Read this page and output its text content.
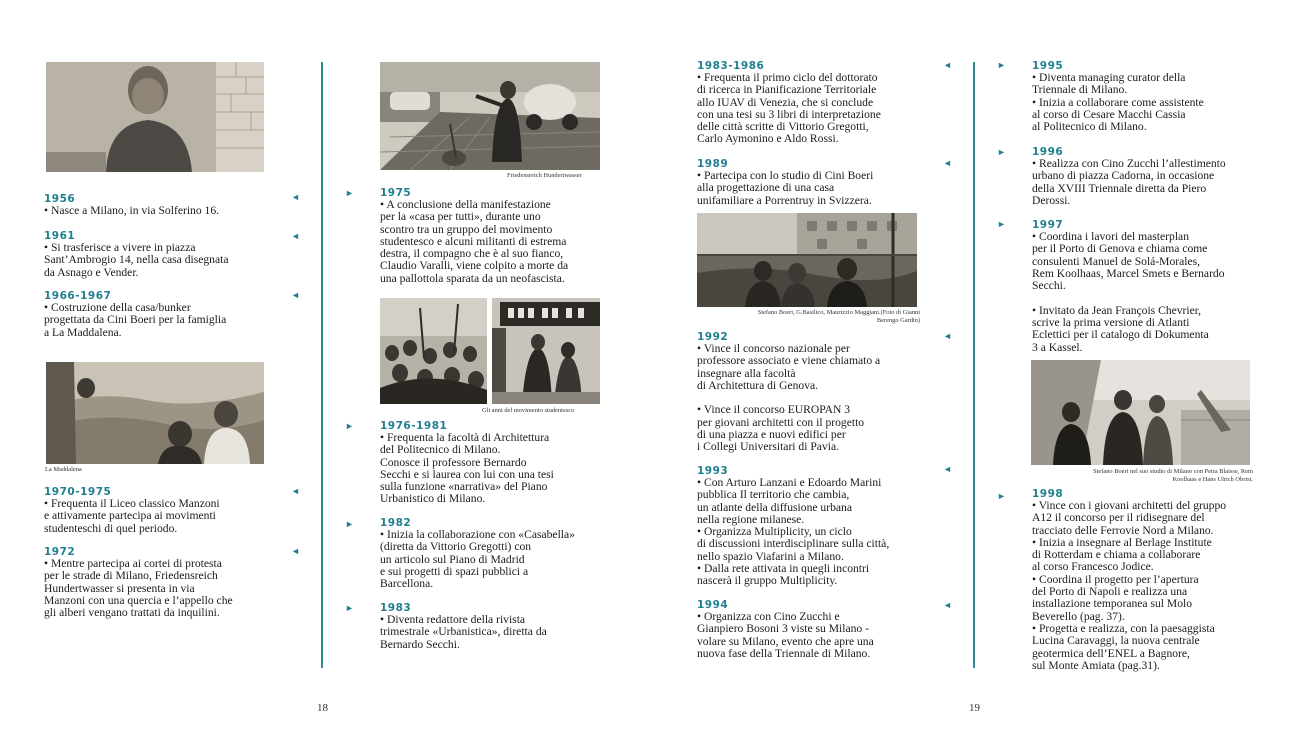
1956
• Nasce a Milano, in via Solferino 16.
◄
1961
• Si trasferisce a vivere in piazza
Sant’Ambrogio 14, nella casa disegnata
da Asnago e Vender.
◄
1966-1967
• Costruzione della casa/bunker
progettata da Cini Boeri per la famiglia
a La Maddalena.
◄
La Maddalena
1970-1975
• Frequenta il Liceo classico Manzoni
e attivamente partecipa ai movimenti
studenteschi di quel periodo.
◄
1972
• Mentre partecipa ai cortei di protesta
per le strade di Milano, Friedensreich
Hundertwasser si presenta in via
Manzoni con una quercia e l’appello che
gli alberi vengano trattati da inquilini.
◄
Friedensreich Hundertwasser
► 1975
• A conclusione della manifestazione
per la «casa per tutti», durante uno
scontro tra un gruppo del movimento
studentesco e alcuni militanti di estrema
destra, il compagno che è al suo fianco,
Claudio Varalli, viene colpito a morte da
una pallottola sparata da un neofascista.
Gli anni del movimento studentesco
► 1976-1981
• Frequenta la facoltà di Architettura
del Politecnico di Milano.
Conosce il professore Bernardo
Secchi e si laurea con lui con una tesi
sulla funzione «narrativa» del Piano
Urbanistico di Milano.
► 1982
• Inizia la collaborazione con «Casabella»
(diretta da Vittorio Gregotti) con
un articolo sul Piano di Madrid
e sui progetti di spazi pubblici a
Barcellona.
► 1983
• Diventa redattore della rivista
trimestrale «Urbanistica», diretta da
Bernardo Secchi.
18
1983-1986
• Frequenta il primo ciclo del dottorato
di ricerca in Pianificazione Territoriale
allo IUAV di Venezia, che si conclude
con una tesi su 3 libri di interpretazione
delle città scritte di Vittorio Gregotti,
Carlo Aymonino e Aldo Rossi.
◄
1989
• Partecipa con lo studio di Cini Boeri
alla progettazione di una casa
unifamiliare a Porrentruy in Svizzera.
◄
Stefano Boeri, G.Basilico, Maurizzio Maggiani.(Foto di Gianni
Berengo Gardin)
1992
• Vince il concorso nazionale per
professore associato e viene chiamato a
insegnare alla facoltà
di Architettura di Genova.

• Vince il concorso EUROPAN 3
per giovani architetti con il progetto
di una piazza e nuovi edifici per
i Collegi Universitari di Pavia.
◄
1993
• Con Arturo Lanzani e Edoardo Marini
pubblica Il territorio che cambia,
un atlante della diffusione urbana
nella regione milanese.
• Organizza Multiplicity, un ciclo
di discussioni interdisciplinare sulla città,
nello spazio Viafarini a Milano.
• Dalla rete attivata in quegli incontri
nascerà il gruppo Multiplicity.
◄
1994
• Organizza con Cino Zucchi e
Gianpiero Bosoni 3 viste su Milano -
volare su Milano, evento che apre una
nuova fase della Triennale di Milano.
◄
► 1995
• Diventa managing curator della
Triennale di Milano.
• Inizia a collaborare come assistente
al corso di Cesare Macchi Cassia
al Politecnico di Milano.
► 1996
• Realizza con Cino Zucchi l’allestimento
urbano di piazza Cadorna, in occasione
della XVIII Triennale diretta da Piero
Derossi.
► 1997
• Coordina i lavori del masterplan
per il Porto di Genova e chiama come
consulenti Manuel de Solá-Morales,
Rem Koolhaas, Marcel Smets e Bernardo
Secchi.

• Invitato da Jean François Chevrier,
scrive la prima versione di Atlanti
Eclettici per il catalogo di Dokumenta
3 a Kassel.
Stefano Boeri nel suo studio di Milano con Petra Blaisse, Rem
Koolhaas e Hans Ulrich Obrist.
► 1998
• Vince con i giovani architetti del gruppo
A12 il concorso per il ridisegnare del
tracciato delle Ferrovie Nord a Milano.
• Inizia a insegnare al Berlage Institute
di Rotterdam e chiama a collaborare
al corso Francesco Jodice.
• Coordina il progetto per l’apertura
del Porto di Napoli e realizza una
installazione temporanea sul Molo
Beverello (pag. 37).
• Progetta e realizza, con la paesaggista
Lucina Caravaggi, la nuova centrale
geotermica dell’ENEL a Bagnore,
sul Monte Amiata (pag.31).
19
